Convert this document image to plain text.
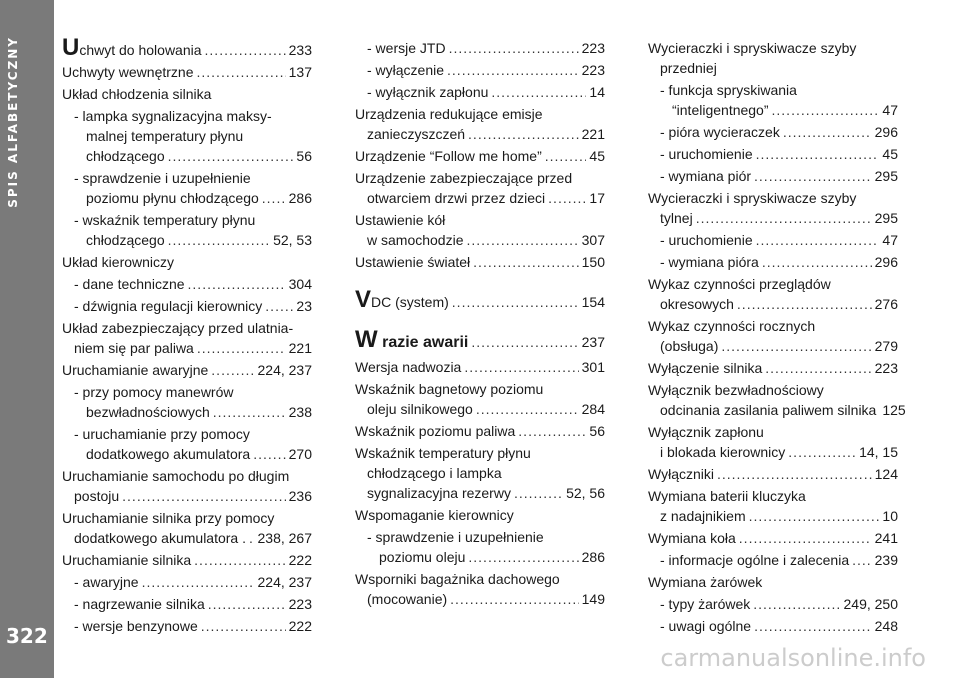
SPIS ALFABETYCZNY
322
Uchwyt do holowania .....	233
Uchwyty wewnętrzne .....	137
Układ chłodzenia silnika
- lampka sygnalizacyjna maksy-
malnej temperatury płynu
chłodzącego .....	56
- sprawdzenie i uzupełnienie
poziomu płynu chłodzącego ..... 286
- wskaźnik temperatury płynu
chłodzącego .....	52, 53
Układ kierowniczy
- dane techniczne .....	304
- dźwignia regulacji kierownicy ..... 23
Układ zabezpieczający przed ulatnia-
niem się par paliwa .....	221
Uruchamianie awaryjne .....	224, 237
- przy pomocy manewrów
bezwładnościowych .....	238
- uruchamianie przy pomocy
dodatkowego akumulatora .....	270
Uruchamianie samochodu po długim
postoju .....	236
Uruchamianie silnika przy pomocy
dodatkowego akumulatora . ..... 238, 267
Uruchamianie silnika .....	222
- awaryjne .....	224, 237
- nagrzewanie silnika .....	223
- wersje benzynowe .....	222
- wersje JTD .....	223
- wyłączenie .....	223
- wyłącznik zapłonu .....	14
Urządzenia redukujące emisje
zanieczyszczeń .....	221
Urządzenie “Follow me home” .....	45
Urządzenie zabezpieczające przed
otwarciem drzwi przez dzieci .....	17
Ustawienie kół
w samochodzie .....	307
Ustawienie świateł .....	150
VDC (system) .....	154
W razie awarii .....	237
Wersja nadwozia .....	301
Wskaźnik bagnetowy poziomu
oleju silnikowego .....	284
Wskaźnik poziomu paliwa .....	56
Wskaźnik temperatury płynu
chłodzącego i lampka
sygnalizacyjna rezerwy .....	52, 56
Wspomaganie kierownicy
- sprawdzenie i uzupełnienie
poziomu oleju .....	286
Wsporniki bagażnika dachowego
(mocowanie) .....	149
Wycieraczki i spryskiwacze szyby
przedniej
- funkcja spryskiwania
“inteligentnego” .....	47
- pióra wycieraczek .....	296
- uruchomienie .....	45
- wymiana piór .....	295
Wycieraczki i spryskiwacze szyby
tylnej .....	295
- uruchomienie .....	47
- wymiana pióra .....	296
Wykaz czynności przeglądów
okresowych .....	276
Wykaz czynności rocznych
(obsługa) .....	279
Wyłączenie silnika .....	223
Wyłącznik bezwładnościowy
odcinania zasilania paliwem silnika 125
Wyłącznik zapłonu
i blokada kierownicy .....	14, 15
Wyłączniki .....	124
Wymiana baterii kluczyka
z nadajnikiem .....	10
Wymiana koła .....	241
- informacje ogólne i zalecenia ..... 239
Wymiana żarówek
- typy żarówek .....	249, 250
- uwagi ogólne .....	248
carmanualsonline.info
